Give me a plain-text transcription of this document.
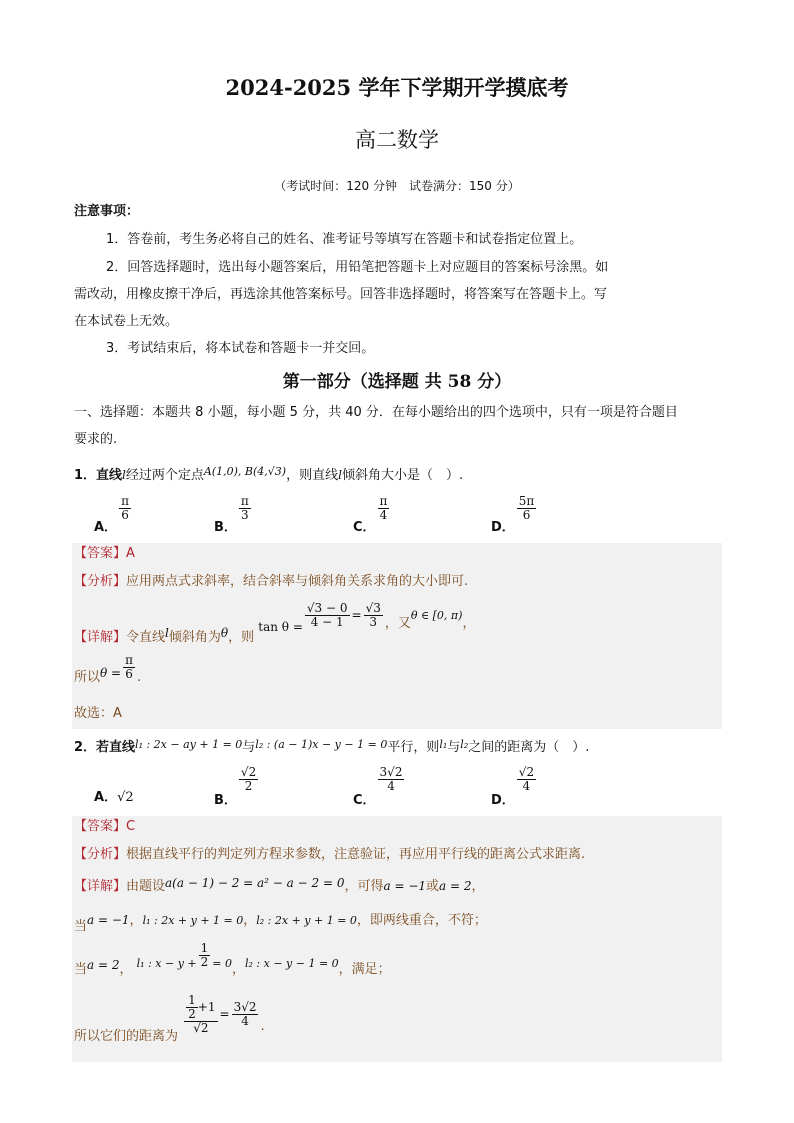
2024-2025 学年下学期开学摸底考
高二数学
（考试时间：120 分钟　试卷满分：150 分）
注意事项：
1．答卷前，考生务必将自己的姓名、准考证号等填写在答题卡和试卷指定位置上。
2．回答选择题时，选出每小题答案后，用铅笔把答题卡上对应题目的答案标号涂黑。如
需改动，用橡皮擦干净后，再选涂其他答案标号。回答非选择题时，将答案写在答题卡上。写
在本试卷上无效。
3．考试结束后，将本试卷和答题卡一并交回。
第一部分（选择题 共 58 分）
一、选择题：本题共 8 小题，每小题 5 分，共 40 分．在每小题给出的四个选项中，只有一项是符合题目
要求的.
1．直线l经过两个定点$^{A(1,0), B(4,√3)}$，则直线l倾斜角大小是（　）.
$_{A.}$
$\frac{\pi}{6}$
$_{B.}$
$\frac{\pi}{3}$
$_{C.}$
$\frac{\pi}{4}$
$_{D.}$
$\frac{5\pi}{6}$
【答案】A
【分析】应用两点式求斜率，结合斜率与倾斜角关系求角的大小即可.
【详解】令直线l倾斜角为θ，则 $\tan \theta = \frac{√3 - 0}{4 - 1} = \frac{√3}{3}$ ，又θ ∈ [0, π)，
所以$\theta = \frac{\pi}{6}$ .
故选：A
2．若直线l₁ : 2x − ay + 1 = 0与l₂ : (a − 1)x − y − 1 = 0平行，则l₁与l₂之间的距离为（　）.
A．√2	$_{B.}$
$\frac{√2}{2}$
$_{C.}$
$\frac{3√2}{4}$
$_{D.}$
$\frac{√2}{4}$
【答案】C
【分析】根据直线平行的判定列方程求参数，注意验证，再应用平行线的距离公式求距离.
【详解】由题设a(a − 1) − 2 = a² − a − 2 = 0，可得a = −1或a = 2，
当a = −1，l₁ : 2x + y + 1 = 0，l₂ : 2x + y + 1 = 0，即两线重合，不符；
当a = 2， $_{l_1 : x - y +} \frac{1}{2} _{= 0}$，$_{l_2 : x - y - 1 = 0}$，满足；
所以它们的距离为
$\frac{\frac{1}{2} +1}{√2} = \frac{3√2}{4}$ .
